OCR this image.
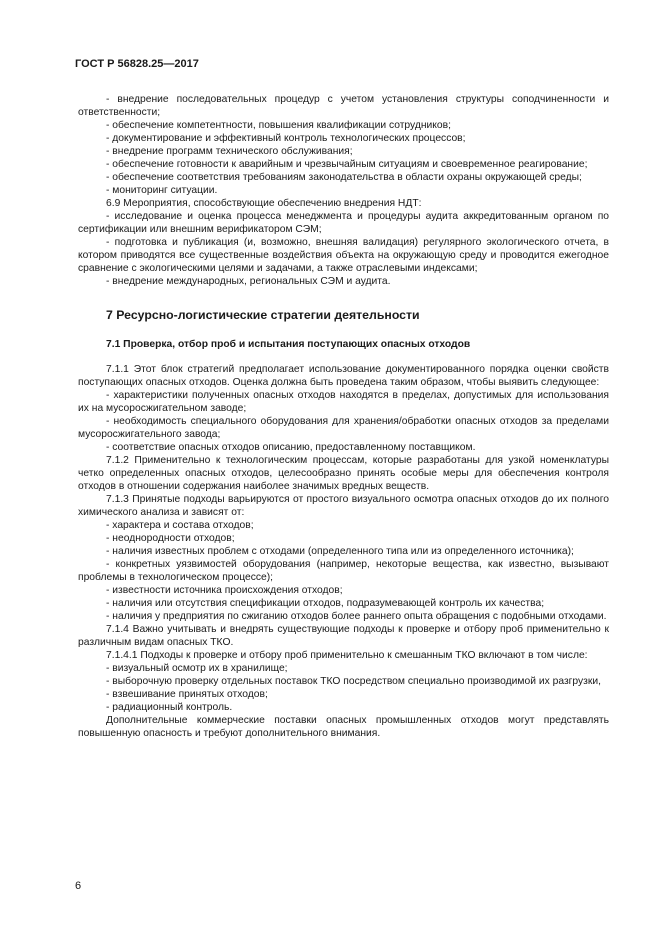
ГОСТ Р 56828.25—2017

- внедрение последовательных процедур с учетом установления структуры соподчиненности и ответственности;

- обеспечение компетентности, повышения квалификации сотрудников;

- документирование и эффективный контроль технологических процессов;

- внедрение программ технического обслуживания;

- обеспечение готовности к аварийным и чрезвычайным ситуациям и своевременное реагирование;

- обеспечение соответствия требованиям законодательства в области охраны окружающей среды;

- мониторинг ситуации.

6.9 Мероприятия, способствующие обеспечению внедрения НДТ:

- исследование и оценка процесса менеджмента и процедуры аудита аккредитованным органом по сертификации или внешним верификатором СЭМ;

- подготовка и публикация (и, возможно, внешняя валидация) регулярного экологического отчета, в котором приводятся все существенные воздействия объекта на окружающую среду и проводится ежегодное сравнение с экологическими целями и задачами, а также отраслевыми индексами;

- внедрение международных, региональных СЭМ и аудита.

7 Ресурсно-логистические стратегии деятельности
7.1 Проверка, отбор проб и испытания поступающих опасных отходов

7.1.1 Этот блок стратегий предполагает использование документированного порядка оценки свойств поступающих опасных отходов. Оценка должна быть проведена таким образом, чтобы выявить следующее:

- характеристики полученных опасных отходов находятся в пределах, допустимых для использования их на мусоросжигательном заводе;

- необходимость специального оборудования для хранения/обработки опасных отходов за пределами мусоросжигательного завода;

- соответствие опасных отходов описанию, предоставленному поставщиком.

7.1.2 Применительно к технологическим процессам, которые разработаны для узкой номенклатуры четко определенных опасных отходов, целесообразно принять особые меры для обеспечения контроля отходов в отношении содержания наиболее значимых вредных веществ.

7.1.3 Принятые подходы варьируются от простого визуального осмотра опасных отходов до их полного химического анализа и зависят от:

- характера и состава отходов;

- неоднородности отходов;

- наличия известных проблем с отходами (определенного типа или из определенного источника);

- конкретных уязвимостей оборудования (например, некоторые вещества, как известно, вызывают проблемы в технологическом процессе);

- известности источника происхождения отходов;

- наличия или отсутствия спецификации отходов, подразумевающей контроль их качества;

- наличия у предприятия по сжиганию отходов более раннего опыта обращения с подобными отходами.

7.1.4 Важно учитывать и внедрять существующие подходы к проверке и отбору проб применительно к различным видам опасных ТКО.

7.1.4.1 Подходы к проверке и отбору проб применительно к смешанным ТКО включают в том числе:

- визуальный осмотр их в хранилище;

- выборочную проверку отдельных поставок ТКО посредством специально производимой их разгрузки,

- взвешивание принятых отходов;

- радиационный контроль.

Дополнительные коммерческие поставки опасных промышленных отходов могут представлять повышенную опасность и требуют дополнительного внимания.

6
